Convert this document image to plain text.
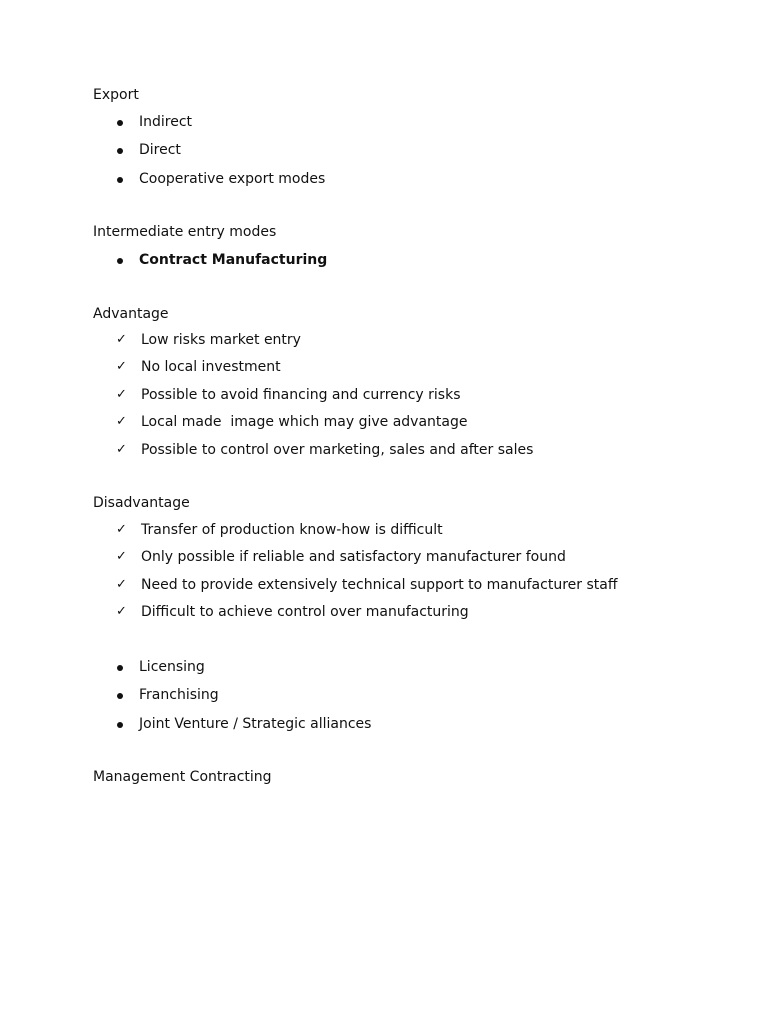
Export
Indirect
Direct
Cooperative export modes
Intermediate entry modes
Contract Manufacturing
Advantage
✓	Low risks market entry
✓	No local investment
✓	Possible to avoid financing and currency risks
✓	Local made  image which may give advantage
✓	Possible to control over marketing, sales and after sales
Disadvantage
✓	Transfer of production know-how is difficult
✓	Only possible if reliable and satisfactory manufacturer found
✓	Need to provide extensively technical support to manufacturer staff
✓	Difficult to achieve control over manufacturing
Licensing
Franchising
Joint Venture / Strategic alliances
Management Contracting
